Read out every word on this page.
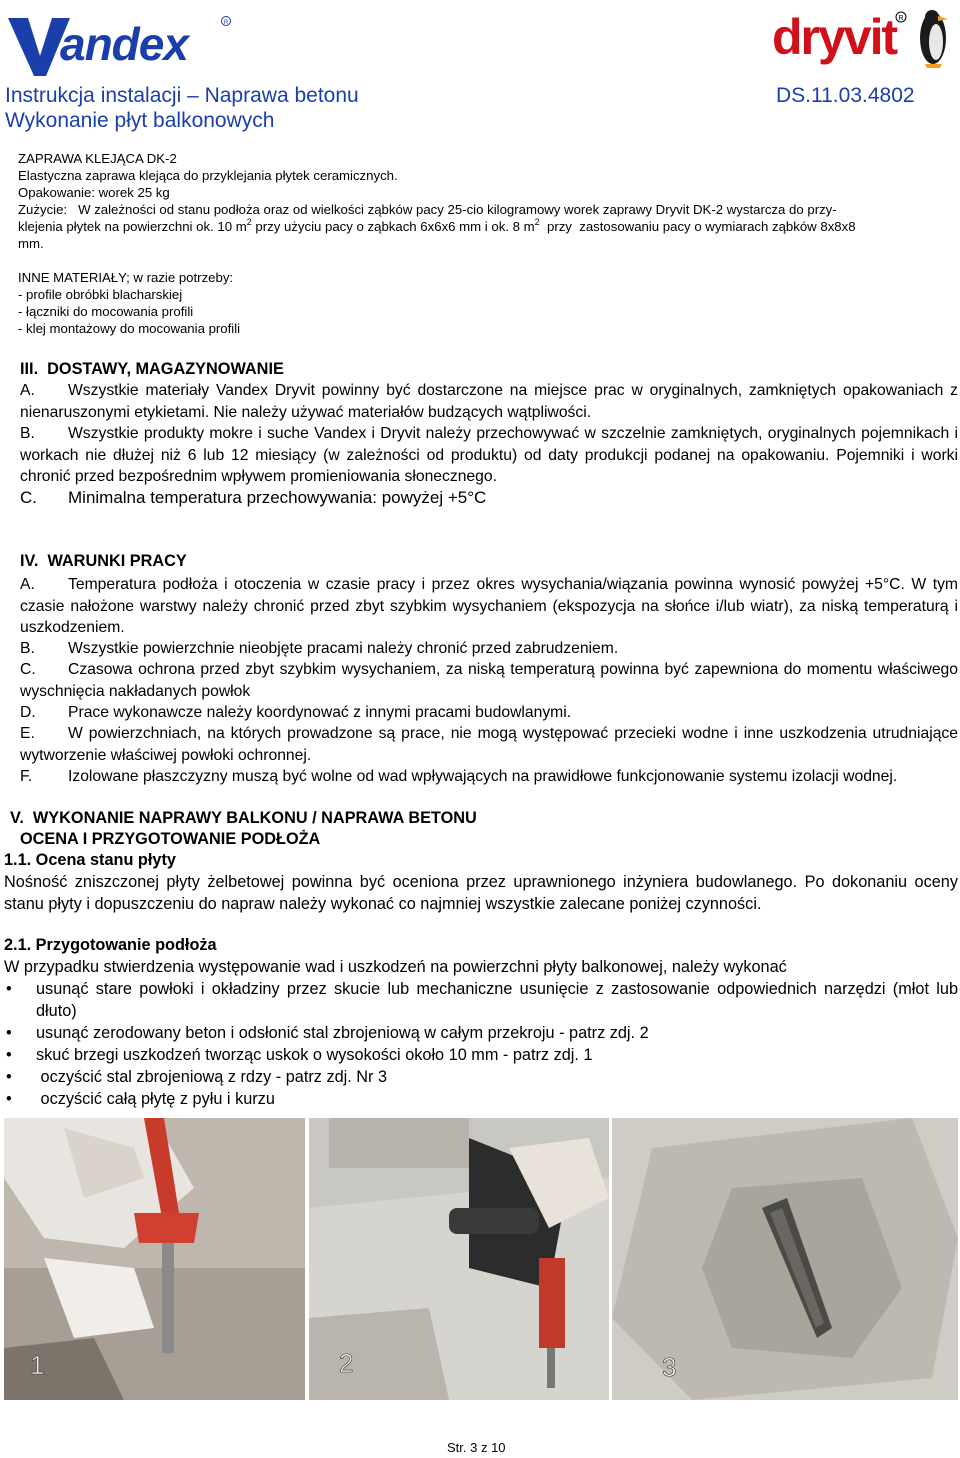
andex	R	dryvit R
Instrukcja instalacji – Naprawa betonu
Wykonanie płyt balkonowych
DS.11.03.4802
ZAPRAWA KLEJĄCA DK-2
Elastyczna zaprawa klejąca do przyklejania płytek ceramicznych.
Opakowanie: worek 25 kg
Zużycie:   W zależności od stanu podłoża oraz od wielkości ząbków pacy 25-cio kilogramowy worek zaprawy Dryvit DK-2 wystarcza do przy-
klejenia płytek na powierzchni ok. 10 $m^2$ przy użyciu pacy o ząbkach 6x6x6 mm i ok. 8 $m^2$  przy  zastosowaniu pacy o wymiarach ząbków 8x8x8
mm.
INNE MATERIAŁY; w razie potrzeby:
- profile obróbki blacharskiej
- łączniki do mocowania profili
- klej montażowy do mocowania profili
III.  DOSTAWY, MAGAZYNOWANIE
A. Wszystkie materiały Vandex Dryvit powinny być dostarczone na miejsce prac w oryginalnych, zamkniętych opakowaniach z nienaruszonymi etykietami. Nie należy używać materiałów budzących wątpliwości.
B. Wszystkie produkty mokre i suche Vandex i Dryvit należy przechowywać w szczelnie zamkniętych, oryginalnych pojemnikach i workach nie dłużej niż 6 lub 12 miesiący (w zależności od produktu) od daty produkcji podanej na opakowaniu. Pojemniki i worki chronić przed bezpośrednim wpływem promieniowania słonecznego.
C. Minimalna temperatura przechowywania: powyżej +5°C
IV.  WARUNKI PRACY
A. Temperatura podłoża i otoczenia w czasie pracy i przez okres wysychania/wiązania powinna wynosić powyżej +5°C. W tym czasie nałożone warstwy należy chronić przed zbyt szybkim wysychaniem (ekspozycja na słońce i/lub wiatr), za niską temperaturą i uszkodzeniem.
B. Wszystkie powierzchnie nieobjęte pracami należy chronić przed zabrudzeniem.
C. Czasowa ochrona przed zbyt szybkim wysychaniem, za niską temperaturą powinna być zapewniona do momentu właściwego wyschnięcia nakładanych powłok
D. Prace wykonawcze należy koordynować z innymi pracami budowlanymi.
E. W powierzchniach, na których prowadzone są prace, nie mogą występować przecieki wodne i inne uszkodzenia utrudniające wytworzenie właściwej powłoki ochronnej.
F. Izolowane płaszczyzny muszą być wolne od wad wpływających na prawidłowe funkcjonowanie systemu izolacji wodnej.
V.  WYKONANIE NAPRAWY BALKONU / NAPRAWA BETONU
OCENA I PRZYGOTOWANIE PODŁOŻA
1.1. Ocena stanu płyty
Nośność zniszczonej płyty żelbetowej powinna być oceniona przez uprawnionego inżyniera budowlanego. Po dokonaniu oceny stanu płyty i dopuszczeniu do napraw należy wykonać co najmniej wszystkie zalecane poniżej czynności.
2.1. Przygotowanie podłoża
W przypadku stwierdzenia występowanie wad i uszkodzeń na powierzchni płyty balkonowej, należy wykonać
• usunąć stare powłoki i okładziny przez skucie lub mechaniczne usunięcie z zastosowanie odpowiednich narzędzi (młot lub dłuto)
• usunąć zerodowany beton i odsłonić stal zbrojeniową w całym przekroju - patrz zdj. 2
• skuć brzegi uszkodzeń tworząc uskok o wysokości około 10 mm - patrz zdj. 1
• oczyścić stal zbrojeniową z rdzy - patrz zdj. Nr 3
• oczyścić całą płytę z pyłu i kurzu
1	2	3
Str. 3 z 10
